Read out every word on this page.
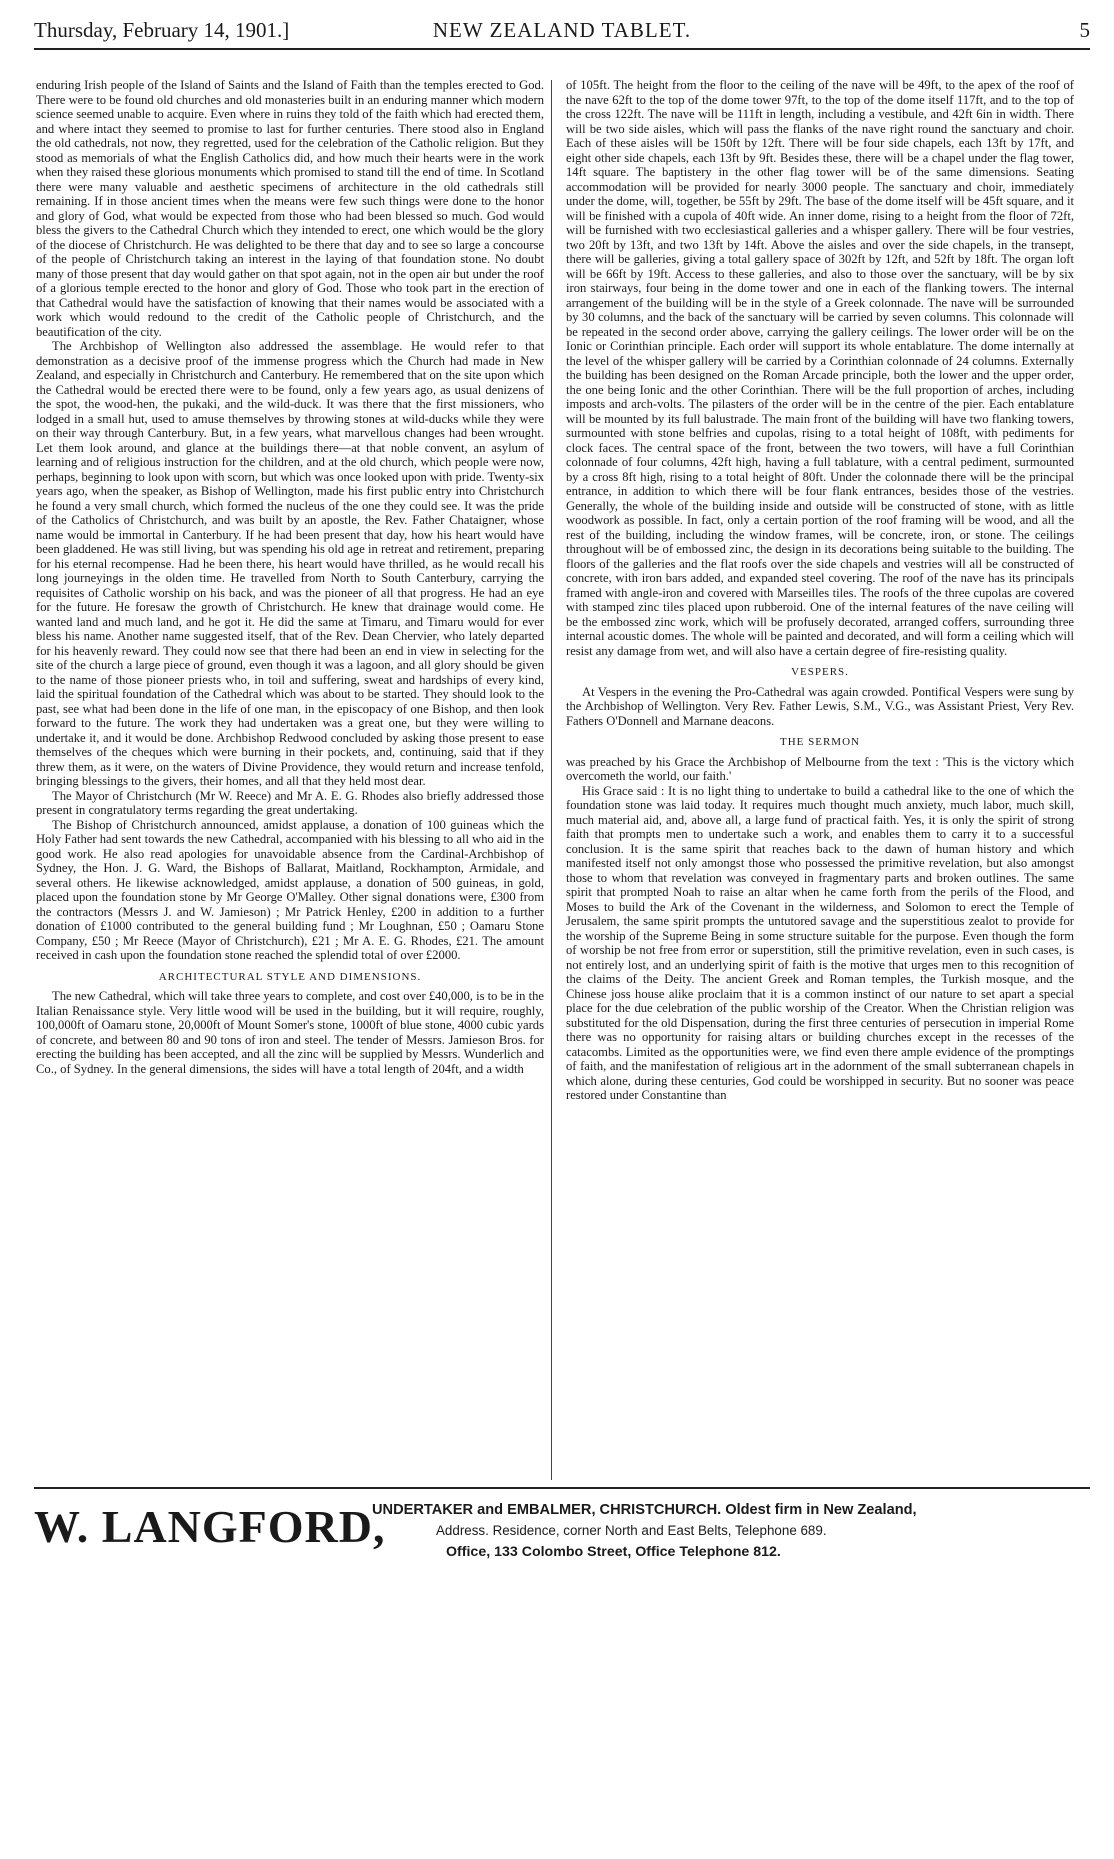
Thursday, February 14, 1901.]	NEW ZEALAND TABLET.	5

enduring Irish people of the Island of Saints and the Island of Faith than the temples erected to God. There were to be found old churches and old monasteries built in an enduring manner which modern science seemed unable to acquire. Even where in ruins they told of the faith which had erected them, and where intact they seemed to promise to last for further centuries. There stood also in England the old cathedrals, not now, they regretted, used for the celebration of the Catholic religion. But they stood as memorials of what the English Catholics did, and how much their hearts were in the work when they raised these glorious monuments which promised to stand till the end of time. In Scotland there were many valuable and aesthetic specimens of architecture in the old cathedrals still remaining. If in those ancient times when the means were few such things were done to the honor and glory of God, what would be expected from those who had been blessed so much. God would bless the givers to the Cathedral Church which they intended to erect, one which would be the glory of the diocese of Christchurch. He was delighted to be there that day and to see so large a concourse of the people of Christchurch taking an interest in the laying of that foundation stone. No doubt many of those present that day would gather on that spot again, not in the open air but under the roof of a glorious temple erected to the honor and glory of God. Those who took part in the erection of that Cathedral would have the satisfaction of knowing that their names would be associated with a work which would redound to the credit of the Catholic people of Christchurch, and the beautification of the city.

The Archbishop of Wellington also addressed the assemblage. He would refer to that demonstration as a decisive proof of the immense progress which the Church had made in New Zealand, and especially in Christchurch and Canterbury. He remembered that on the site upon which the Cathedral would be erected there were to be found, only a few years ago, as usual denizens of the spot, the wood-hen, the pukaki, and the wild-duck. It was there that the first missioners, who lodged in a small hut, used to amuse themselves by throwing stones at wild-ducks while they were on their way through Canterbury. But, in a few years, what marvellous changes had been wrought. Let them look around, and glance at the buildings there—at that noble convent, an asylum of learning and of religious instruction for the children, and at the old church, which people were now, perhaps, beginning to look upon with scorn, but which was once looked upon with pride. Twenty-six years ago, when the speaker, as Bishop of Wellington, made his first public entry into Christchurch he found a very small church, which formed the nucleus of the one they could see. It was the pride of the Catholics of Christchurch, and was built by an apostle, the Rev. Father Chataigner, whose name would be immortal in Canterbury. If he had been present that day, how his heart would have been gladdened. He was still living, but was spending his old age in retreat and retirement, preparing for his eternal recompense. Had he been there, his heart would have thrilled, as he would recall his long journeyings in the olden time. He travelled from North to South Canterbury, carrying the requisites of Catholic worship on his back, and was the pioneer of all that progress. He had an eye for the future. He foresaw the growth of Christchurch. He knew that drainage would come. He wanted land and much land, and he got it. He did the same at Timaru, and Timaru would for ever bless his name. Another name suggested itself, that of the Rev. Dean Chervier, who lately departed for his heavenly reward. They could now see that there had been an end in view in selecting for the site of the church a large piece of ground, even though it was a lagoon, and all glory should be given to the name of those pioneer priests who, in toil and suffering, sweat and hardships of every kind, laid the spiritual foundation of the Cathedral which was about to be started. They should look to the past, see what had been done in the life of one man, in the episcopacy of one Bishop, and then look forward to the future. The work they had undertaken was a great one, but they were willing to undertake it, and it would be done. Archbishop Redwood concluded by asking those present to ease themselves of the cheques which were burning in their pockets, and, continuing, said that if they threw them, as it were, on the waters of Divine Providence, they would return and increase tenfold, bringing blessings to the givers, their homes, and all that they held most dear.

The Mayor of Christchurch (Mr W. Reece) and Mr A. E. G. Rhodes also briefly addressed those present in congratulatory terms regarding the great undertaking.

The Bishop of Christchurch announced, amidst applause, a donation of 100 guineas which the Holy Father had sent towards the new Cathedral, accompanied with his blessing to all who aid in the good work. He also read apologies for unavoidable absence from the Cardinal-Archbishop of Sydney, the Hon. J. G. Ward, the Bishops of Ballarat, Maitland, Rockhampton, Armidale, and several others. He likewise acknowledged, amidst applause, a donation of 500 guineas, in gold, placed upon the foundation stone by Mr George O'Malley. Other signal donations were, £300 from the contractors (Messrs J. and W. Jamieson) ; Mr Patrick Henley, £200 in addition to a further donation of £1000 contributed to the general building fund ; Mr Loughnan, £50 ; Oamaru Stone Company, £50 ; Mr Reece (Mayor of Christchurch), £21 ; Mr A. E. G. Rhodes, £21. The amount received in cash upon the foundation stone reached the splendid total of over £2000.

ARCHITECTURAL STYLE AND DIMENSIONS.

The new Cathedral, which will take three years to complete, and cost over £40,000, is to be in the Italian Renaissance style. Very little wood will be used in the building, but it will require, roughly, 100,000ft of Oamaru stone, 20,000ft of Mount Somer's stone, 1000ft of blue stone, 4000 cubic yards of concrete, and between 80 and 90 tons of iron and steel. The tender of Messrs. Jamieson Bros. for erecting the building has been accepted, and all the zinc will be supplied by Messrs. Wunderlich and Co., of Sydney. In the general dimensions, the sides will have a total length of 204ft, and a width

of 105ft. The height from the floor to the ceiling of the nave will be 49ft, to the apex of the roof of the nave 62ft to the top of the dome tower 97ft, to the top of the dome itself 117ft, and to the top of the cross 122ft. The nave will be 111ft in length, including a vestibule, and 42ft 6in in width. There will be two side aisles, which will pass the flanks of the nave right round the sanctuary and choir. Each of these aisles will be 150ft by 12ft. There will be four side chapels, each 13ft by 17ft, and eight other side chapels, each 13ft by 9ft. Besides these, there will be a chapel under the flag tower, 14ft square. The baptistery in the other flag tower will be of the same dimensions. Seating accommodation will be provided for nearly 3000 people. The sanctuary and choir, immediately under the dome, will, together, be 55ft by 29ft. The base of the dome itself will be 45ft square, and it will be finished with a cupola of 40ft wide. An inner dome, rising to a height from the floor of 72ft, will be furnished with two ecclesiastical galleries and a whisper gallery. There will be four vestries, two 20ft by 13ft, and two 13ft by 14ft. Above the aisles and over the side chapels, in the transept, there will be galleries, giving a total gallery space of 302ft by 12ft, and 52ft by 18ft. The organ loft will be 66ft by 19ft. Access to these galleries, and also to those over the sanctuary, will be by six iron stairways, four being in the dome tower and one in each of the flanking towers. The internal arrangement of the building will be in the style of a Greek colonnade. The nave will be surrounded by 30 columns, and the back of the sanctuary will be carried by seven columns. This colonnade will be repeated in the second order above, carrying the gallery ceilings. The lower order will be on the Ionic or Corinthian principle. Each order will support its whole entablature. The dome internally at the level of the whisper gallery will be carried by a Corinthian colonnade of 24 columns. Externally the building has been designed on the Roman Arcade principle, both the lower and the upper order, the one being Ionic and the other Corinthian. There will be the full proportion of arches, including imposts and arch-volts. The pilasters of the order will be in the centre of the pier. Each entablature will be mounted by its full balustrade. The main front of the building will have two flanking towers, surmounted with stone belfries and cupolas, rising to a total height of 108ft, with pediments for clock faces. The central space of the front, between the two towers, will have a full Corinthian colonnade of four columns, 42ft high, having a full tablature, with a central pediment, surmounted by a cross 8ft high, rising to a total height of 80ft. Under the colonnade there will be the principal entrance, in addition to which there will be four flank entrances, besides those of the vestries. Generally, the whole of the building inside and outside will be constructed of stone, with as little woodwork as possible. In fact, only a certain portion of the roof framing will be wood, and all the rest of the building, including the window frames, will be concrete, iron, or stone. The ceilings throughout will be of embossed zinc, the design in its decorations being suitable to the building. The floors of the galleries and the flat roofs over the side chapels and vestries will all be constructed of concrete, with iron bars added, and expanded steel covering. The roof of the nave has its principals framed with angle-iron and covered with Marseilles tiles. The roofs of the three cupolas are covered with stamped zinc tiles placed upon rubberoid. One of the internal features of the nave ceiling will be the embossed zinc work, which will be profusely decorated, arranged coffers, surrounding three internal acoustic domes. The whole will be painted and decorated, and will form a ceiling which will resist any damage from wet, and will also have a certain degree of fire-resisting quality.

VESPERS.

At Vespers in the evening the Pro-Cathedral was again crowded. Pontifical Vespers were sung by the Archbishop of Wellington. Very Rev. Father Lewis, S.M., V.G., was Assistant Priest, Very Rev. Fathers O'Donnell and Marnane deacons.

THE SERMON

was preached by his Grace the Archbishop of Melbourne from the text : 'This is the victory which overcometh the world, our faith.'

His Grace said : It is no light thing to undertake to build a cathedral like to the one of which the foundation stone was laid today. It requires much thought much anxiety, much labor, much skill, much material aid, and, above all, a large fund of practical faith. Yes, it is only the spirit of strong faith that prompts men to undertake such a work, and enables them to carry it to a successful conclusion. It is the same spirit that reaches back to the dawn of human history and which manifested itself not only amongst those who possessed the primitive revelation, but also amongst those to whom that revelation was conveyed in fragmentary parts and broken outlines. The same spirit that prompted Noah to raise an altar when he came forth from the perils of the Flood, and Moses to build the Ark of the Covenant in the wilderness, and Solomon to erect the Temple of Jerusalem, the same spirit prompts the untutored savage and the superstitious zealot to provide for the worship of the Supreme Being in some structure suitable for the purpose. Even though the form of worship be not free from error or superstition, still the primitive revelation, even in such cases, is not entirely lost, and an underlying spirit of faith is the motive that urges men to this recognition of the claims of the Deity. The ancient Greek and Roman temples, the Turkish mosque, and the Chinese joss house alike proclaim that it is a common instinct of our nature to set apart a special place for the due celebration of the public worship of the Creator. When the Christian religion was substituted for the old Dispensation, during the first three centuries of persecution in imperial Rome there was no opportunity for raising altars or building churches except in the recesses of the catacombs. Limited as the opportunities were, we find even there ample evidence of the promptings of faith, and the manifestation of religious art in the adornment of the small subterranean chapels in which alone, during these centuries, God could be worshipped in security. But no sooner was peace restored under Constantine than

W. LANGFORD,
UNDERTAKER and EMBALMER, CHRISTCHURCH. Oldest firm in New Zealand,
Address. Residence, corner North and East Belts, Telephone 689.
Office, 133 Colombo Street, Office Telephone 812.
